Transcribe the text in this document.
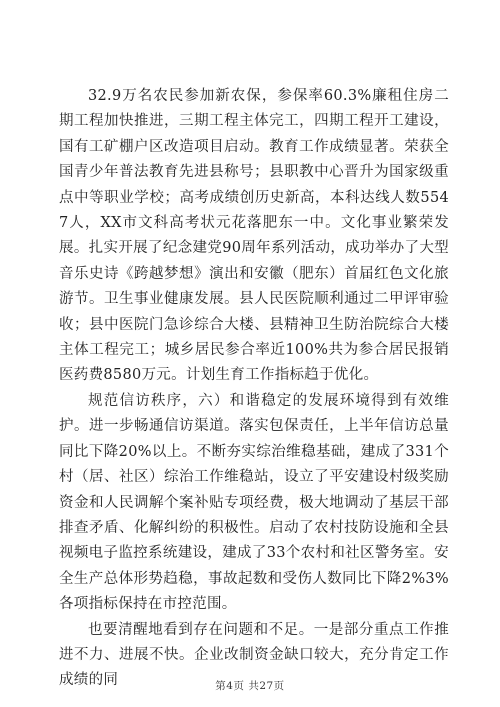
32.9万名农民参加新农保，参保率60.3%廉租住房二期工程加快推进，三期工程主体完工，四期工程开工建设，国有工矿棚户区改造项目启动。教育工作成绩显著。荣获全国青少年普法教育先进县称号；县职教中心晋升为国家级重点中等职业学校；高考成绩创历史新高，本科达线人数5547人，XX市文科高考状元花落肥东一中。文化事业繁荣发展。扎实开展了纪念建党90周年系列活动，成功举办了大型音乐史诗《跨越梦想》演出和安徽（肥东）首届红色文化旅游节。卫生事业健康发展。县人民医院顺利通过二甲评审验收；县中医院门急诊综合大楼、县精神卫生防治院综合大楼主体工程完工；城乡居民参合率近100%共为参合居民报销医药费8580万元。计划生育工作指标趋于优化。

规范信访秩序，六）和谐稳定的发展环境得到有效维护。进一步畅通信访渠道。落实包保责任，上半年信访总量同比下降20%以上。不断夯实综治维稳基础，建成了331个村（居、社区）综治工作维稳站，设立了平安建设村级奖励资金和人民调解个案补贴专项经费，极大地调动了基层干部排查矛盾、化解纠纷的积极性。启动了农村技防设施和全县视频电子监控系统建设，建成了33个农村和社区警务室。安全生产总体形势趋稳，事故起数和受伤人数同比下降2%3%各项指标保持在市控范围。

也要清醒地看到存在问题和不足。一是部分重点工作推进不力、进展不快。企业改制资金缺口较大，充分肯定工作成绩的同	第4页 共27页
